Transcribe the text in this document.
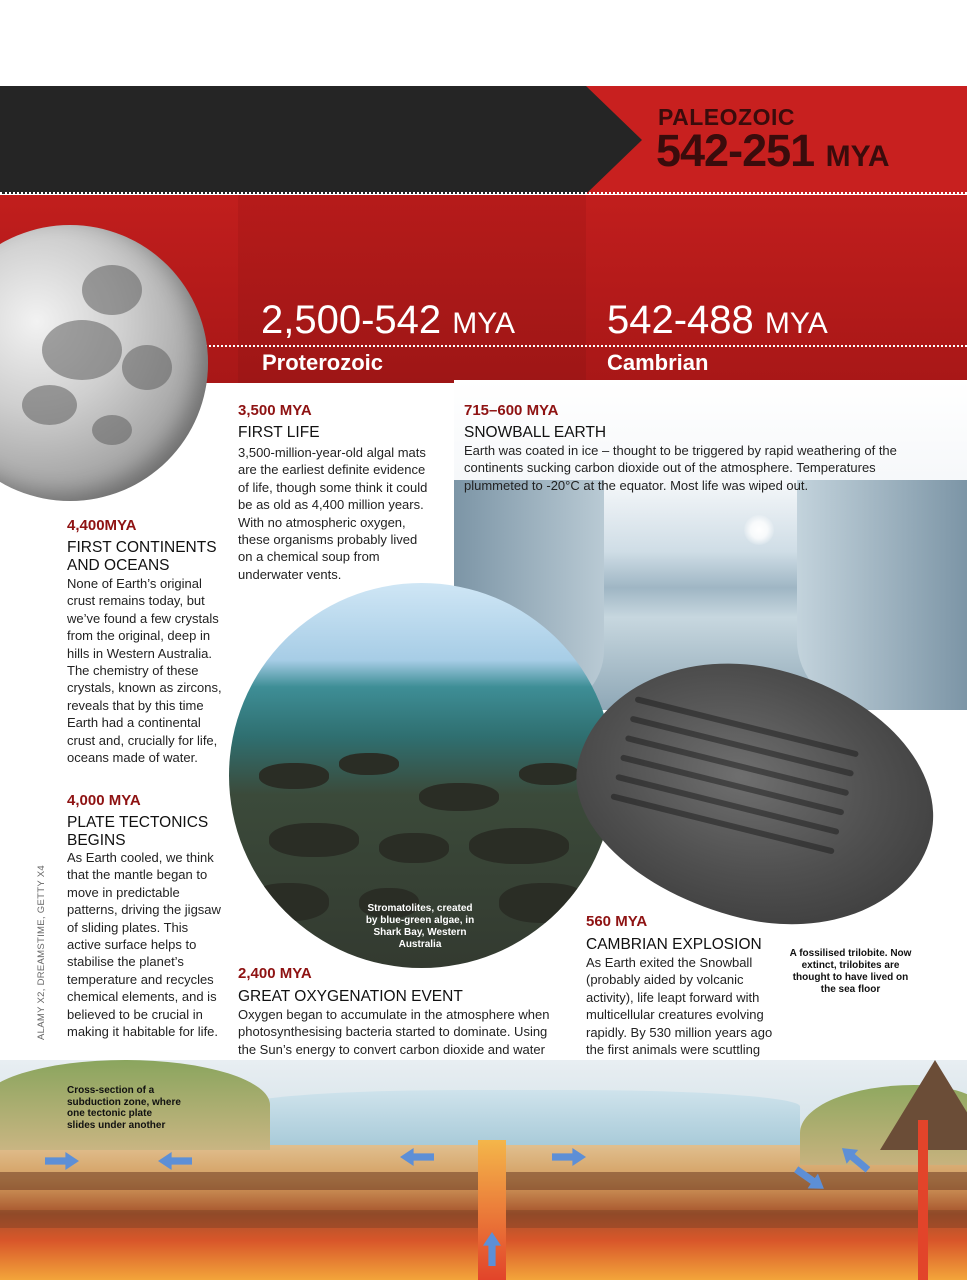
PALEOZOIC
542-251 MYA
2,500-542 MYA
Proterozoic
542-488 MYA
Cambrian
3,500 MYA
FIRST LIFE
3,500-million-year-old algal mats are the earliest definite evidence of life, though some think it could be as old as 4,400 million years. With no atmospheric oxygen, these organisms probably lived on a chemical soup from underwater vents.
715–600 MYA
SNOWBALL EARTH
Earth was coated in ice – thought to be triggered by rapid weathering of the continents sucking carbon dioxide out of the atmosphere. Temperatures plummeted to -20°C at the equator. Most life was wiped out.
4,400MYA
FIRST CONTINENTS AND OCEANS
None of Earth’s original crust remains today, but we’ve found a few crystals from the original, deep in hills in Western Australia. The chemistry of these crystals, known as zircons, reveals that by this time Earth had a continental crust and, crucially for life, oceans made of water.
4,000 MYA
PLATE TECTONICS BEGINS
As Earth cooled, we think that the mantle began to move in predictable patterns, driving the jigsaw of sliding plates. This active surface helps to stabilise the planet’s temperature and recycles chemical elements, and is believed to be crucial in making it habitable for life.
Stromatolites, created by blue-green algae, in Shark Bay, Western Australia
A fossilised trilobite. Now extinct, trilobites are thought to have lived on the sea floor
2,400 MYA
GREAT OXYGENATION EVENT
Oxygen began to accumulate in the atmosphere when photosynthesising bacteria started to dominate. Using the Sun’s energy to convert carbon dioxide and water
560 MYA
CAMBRIAN EXPLOSION
As Earth exited the Snowball (probably aided by volcanic activity), life leapt forward with multicellular creatures evolving rapidly. By 530 million years ago the first animals were scuttling
Cross-section of a subduction zone, where one tectonic plate slides under another
ALAMY X2, DREAMSTIME, GETTY X4
